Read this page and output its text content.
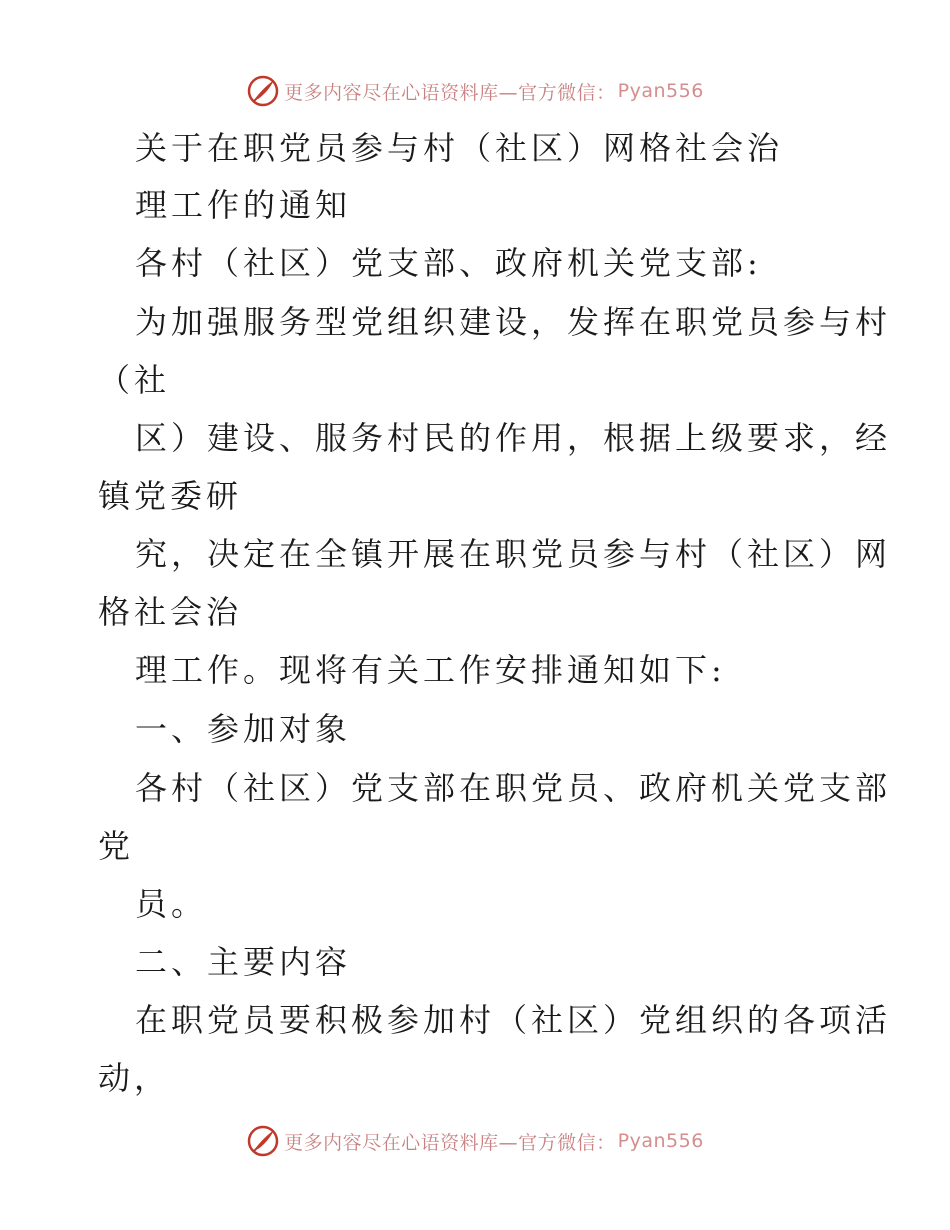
更多内容尽在心语资料库—官方微信： Pyan556
关于在职党员参与村（社区）网格社会治
理工作的通知
各村（社区）党支部、政府机关党支部:
为加强服务型党组织建设，发挥在职党员参与村
（社
区）建设、服务村民的作用，根据上级要求，经
镇党委研
究，决定在全镇开展在职党员参与村（社区）网
格社会治
理工作。现将有关工作安排通知如下:
一、参加对象
各村（社区）党支部在职党员、政府机关党支部
党
员。
二、主要内容
在职党员要积极参加村（社区）党组织的各项活
动，
更多内容尽在心语资料库—官方微信： Pyan556
